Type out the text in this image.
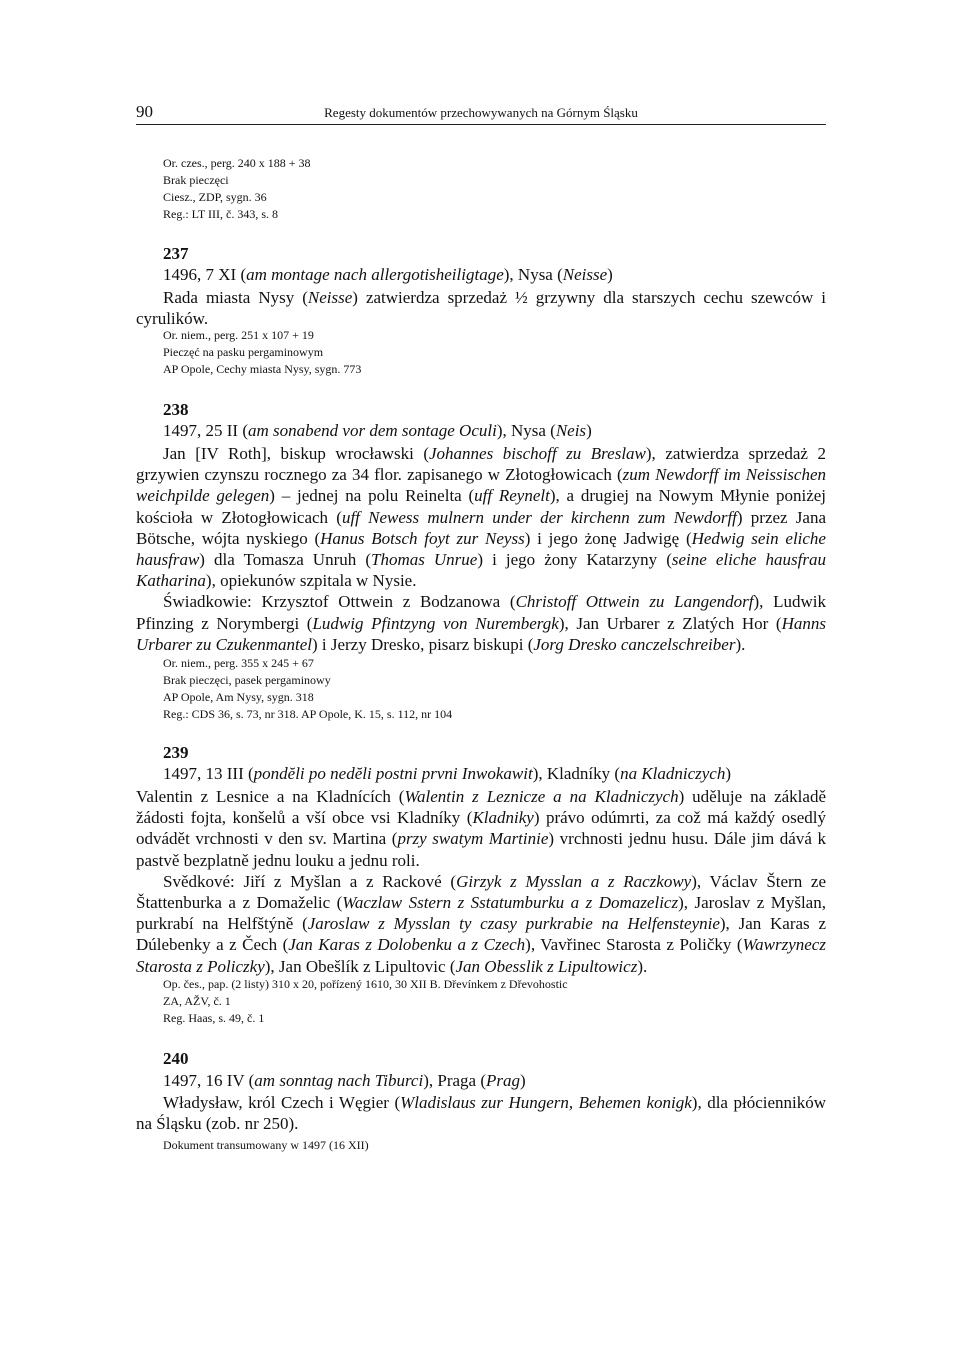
90	Regesty dokumentów przechowywanych na Górnym Śląsku
Or. czes., perg. 240 x 188 + 38
Brak pieczęci
Ciesz., ZDP, sygn. 36
Reg.: LT III, č. 343, s. 8
237
1496, 7 XI (am montage nach allergotisheiligtage), Nysa (Neisse)

Rada miasta Nysy (Neisse) zatwierdza sprzedaż ½ grzywny dla starszych cechu szewców i cyrulików.

Or. niem., perg. 251 x 107 + 19
Pieczęć na pasku pergaminowym
AP Opole, Cechy miasta Nysy, sygn. 773
238
1497, 25 II (am sonabend vor dem sontage Oculi), Nysa (Neis)

Jan [IV Roth], biskup wrocławski (Johannes bischoff zu Breslaw), zatwierdza sprzedaż 2 grzywien czynszu rocznego za 34 flor. zapisanego w Złotogłowicach (zum Newdorff im Neissischen weichpilde gelegen) – jednej na polu Reinelta (uff Reynelt), a drugiej na Nowym Młynie poniżej kościoła w Złotogłowicach (uff Newess mulnern under der kirchenn zum Newdorff) przez Jana Bötsche, wójta nyskiego (Hanus Botsch foyt zur Neyss) i jego żonę Jadwigę (Hedwig sein eliche hausfraw) dla Tomasza Unruh (Thomas Unrue) i jego żony Katarzyny (seine eliche hausfrau Katharina), opiekunów szpitala w Nysie.

Świadkowie: Krzysztof Ottwein z Bodzanowa (Christoff Ottwein zu Langendorf), Ludwik Pfinzing z Norymbergi (Ludwig Pfintzyng von Nurembergk), Jan Urbarer z Zlatých Hor (Hanns Urbarer zu Czukenmantel) i Jerzy Dresko, pisarz biskupi (Jorg Dresko canczelschreiber).

Or. niem., perg. 355 x 245 + 67
Brak pieczęci, pasek pergaminowy
AP Opole, Am Nysy, sygn. 318
Reg.: CDS 36, s. 73, nr 318. AP Opole, K. 15, s. 112, nr 104
239
1497, 13 III (pondĕli po nedĕli postni prvni Inwokawit), Kladníky (na Kladniczych)

Valentin z Lesnice a na Kladnících (Walentin z Leznicze a na Kladniczych) uděluje na základě žádosti fojta, konšelů a vší obce vsi Kladníky (Kladniky) právo odúmrti, za což má každý osedlý odvádět vrchnosti v den sv. Martina (przy swatym Martinie) vrchnosti jednu husu. Dále jim dává k pastvě bezplatně jednu louku a jednu roli.

Svědkové: Jiří z Myšlan a z Rackové (Girzyk z Mysslan a z Raczkowy), Václav Štern ze Štattenburka a z Domaželic (Waczlaw Sstern z Sstatumburku a z Domazelicz), Jaroslav z Myšlan, purkrabí na Helfštýně (Jaroslaw z Mysslan ty czasy purkrabie na Helfensteynie), Jan Karas z Dúlebenky a z Čech (Jan Karas z Dolobenku a z Czech), Vavřinec Starosta z Poličky (Wawrzynecz Starosta z Policzky), Jan Obešlík z Lipultovic (Jan Obesslik z Lipultowicz).

Op. čes., pap. (2 listy) 310 x 20, pořízený 1610, 30 XII B. Dřevínkem z Dřevohostic
ZA, AŽV, č. 1
Reg. Haas, s. 49, č. 1
240
1497, 16 IV (am sonntag nach Tiburci), Praga (Prag)

Władysław, król Czech i Węgier (Wladislaus zur Hungern, Behemen konigk), dla płócienników na Śląsku (zob. nr 250).

Dokument transumowany w 1497 (16 XII)
